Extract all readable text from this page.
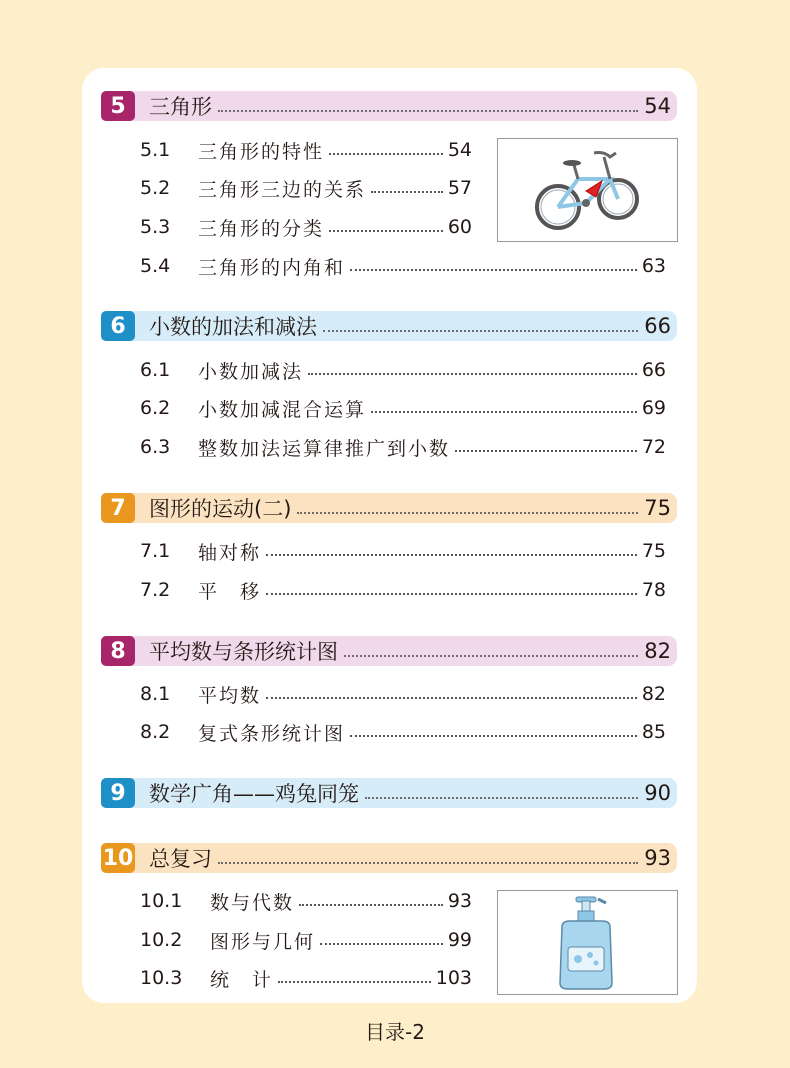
5	三角形	54
5.1	三角形的特性	54
5.2	三角形三边的关系	57
5.3	三角形的分类	60
5.4	三角形的内角和	63
6	小数的加法和减法	66
6.1	小数加减法	66
6.2	小数加减混合运算	69
6.3	整数加法运算律推广到小数	72
7	图形的运动(二)	75
7.1	轴对称	75
7.2	平　移	78
8	平均数与条形统计图	82
8.1	平均数	82
8.2	复式条形统计图	85
9	数学广角——鸡兔同笼	90
10 总复习	93
10.1	数与代数	93
10.2	图形与几何	99
10.3	统　计	103
目录-2
